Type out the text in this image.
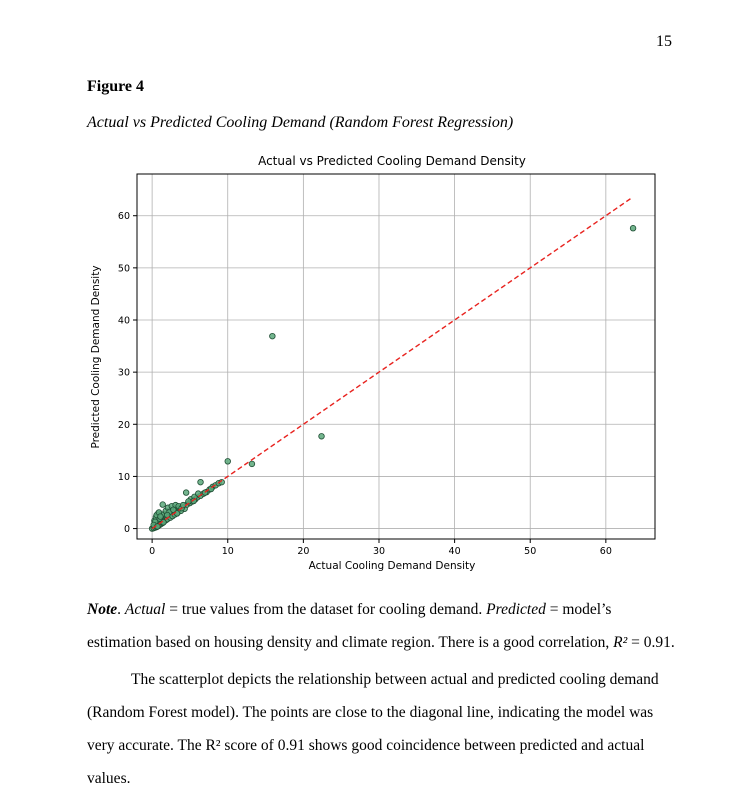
15
Figure 4
Actual vs Predicted Cooling Demand (Random Forest Regression)
Actual vs Predicted Cooling Demand Density
0	10	20	30	40	50	60
0
10
20
30
40
50
60
Actual Cooling Demand Density
Predicted Cooling Demand Density

Note. Actual = true values from the dataset for cooling demand. Predicted = model’s estimation based on housing density and climate region. There is a good correlation, R² = 0.91.

The scatterplot depicts the relationship between actual and predicted cooling demand (Random Forest model). The points are close to the diagonal line, indicating the model was very accurate. The R² score of 0.91 shows good coincidence between predicted and actual values.
